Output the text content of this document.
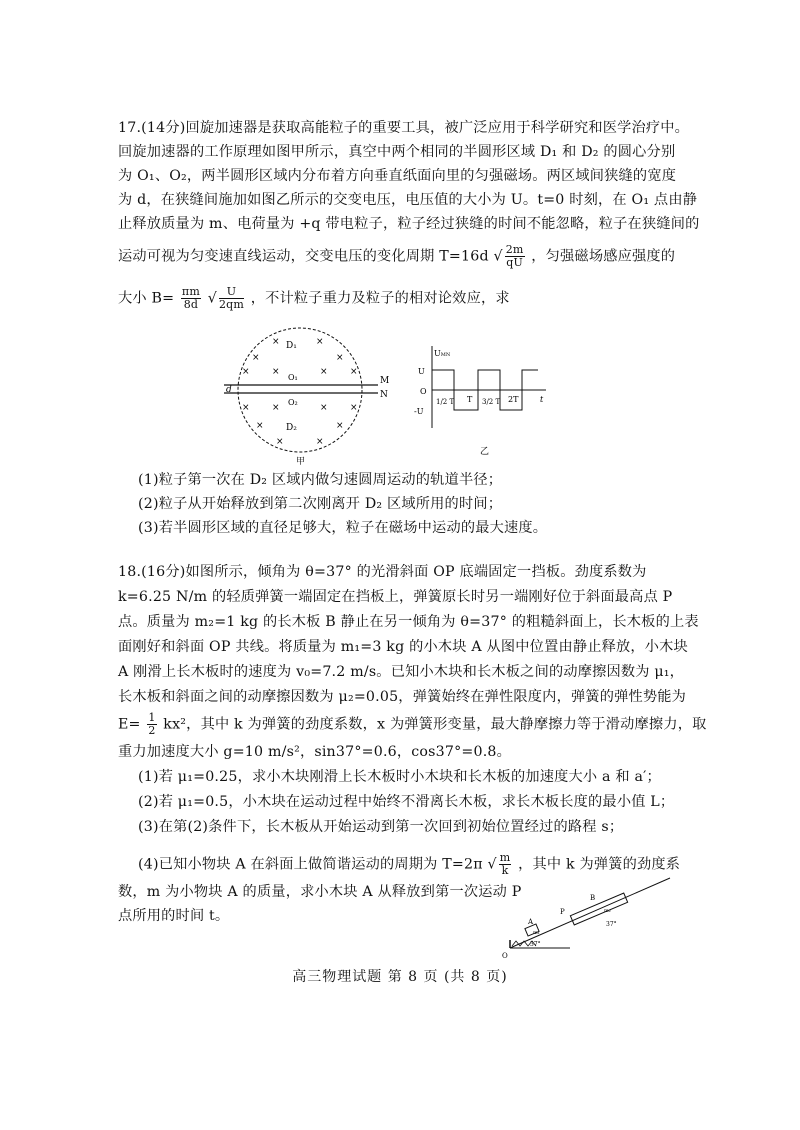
17.(14分)回旋加速器是获取高能粒子的重要工具，被广泛应用于科学研究和医学治疗中。
回旋加速器的工作原理如图甲所示，真空中两个相同的半圆形区域 D₁ 和 D₂ 的圆心分别
为 O₁、O₂，两半圆形区域内分布着方向垂直纸面向里的匀强磁场。两区域间狭缝的宽度
为 d，在狭缝间施加如图乙所示的交变电压，电压值的大小为 U。t=0 时刻，在 O₁ 点由静
止释放质量为 m、电荷量为 +q 带电粒子，粒子经过狭缝的时间不能忽略，粒子在狭缝间的
运动可视为匀变速直线运动，交变电压的变化周期 T=16d √ $\frac{2m}{qU}$ ，匀强磁场感应强度的
大小 $B= \frac{\pi m}{8d}$ √ $\frac{U}{2qm}$ ，不计粒子重力及粒子的相对论效应，求
M
N
d
D₁
D₂
O₁
O₂
×	×
×	×
× ×	× ×
× ×	× ×
×	×
×	×
甲
UMN
U
O
-U
1/2 T T 3/2 T 2T	t
乙
(1)粒子第一次在 D₂ 区域内做匀速圆周运动的轨道半径；
(2)粒子从开始释放到第二次刚离开 D₂ 区域所用的时间；
(3)若半圆形区域的直径足够大，粒子在磁场中运动的最大速度。
18.(16分)如图所示，倾角为 θ=37° 的光滑斜面 OP 底端固定一挡板。劲度系数为
k=6.25 N/m 的轻质弹簧一端固定在挡板上，弹簧原长时另一端刚好位于斜面最高点 P
点。质量为 m₂=1 kg 的长木板 B 静止在另一倾角为 θ=37° 的粗糙斜面上，长木板的上表
面刚好和斜面 OP 共线。将质量为 m₁=3 kg 的小木块 A 从图中位置由静止释放，小木块
A 刚滑上长木板时的速度为 v₀=7.2 m/s。已知小木块和长木板之间的动摩擦因数为 μ₁，
长木板和斜面之间的动摩擦因数为 μ₂=0.05，弹簧始终在弹性限度内，弹簧的弹性势能为
$E= \frac{1}{2} kx^2$，其中 k 为弹簧的劲度系数，x 为弹簧形变量，最大静摩擦力等于滑动摩擦力，取
重力加速度大小 g=10 m/s²，sin37°=0.6，cos37°=0.8。
(1)若 μ₁=0.25，求小木块刚滑上长木板时小木块和长木板的加速度大小 a 和 a′；
(2)若 μ₁=0.5，小木块在运动过程中始终不滑离长木板，求长木板长度的最小值 L；
(3)在第(2)条件下，长木板从开始运动到第一次回到初始位置经过的路程 s；
(4)已知小物块 A 在斜面上做简谐运动的周期为 T=2π √ $\frac{m}{k}$ ，其中 k 为弹簧的劲度系
数，m 为小物块 A 的质量，求小木块 A 从释放到第一次运动 P
点所用的时间 t。	A
m₁
B
m₂
P
O
37°
37°
高三物理试题 第 8 页 (共 8 页)
